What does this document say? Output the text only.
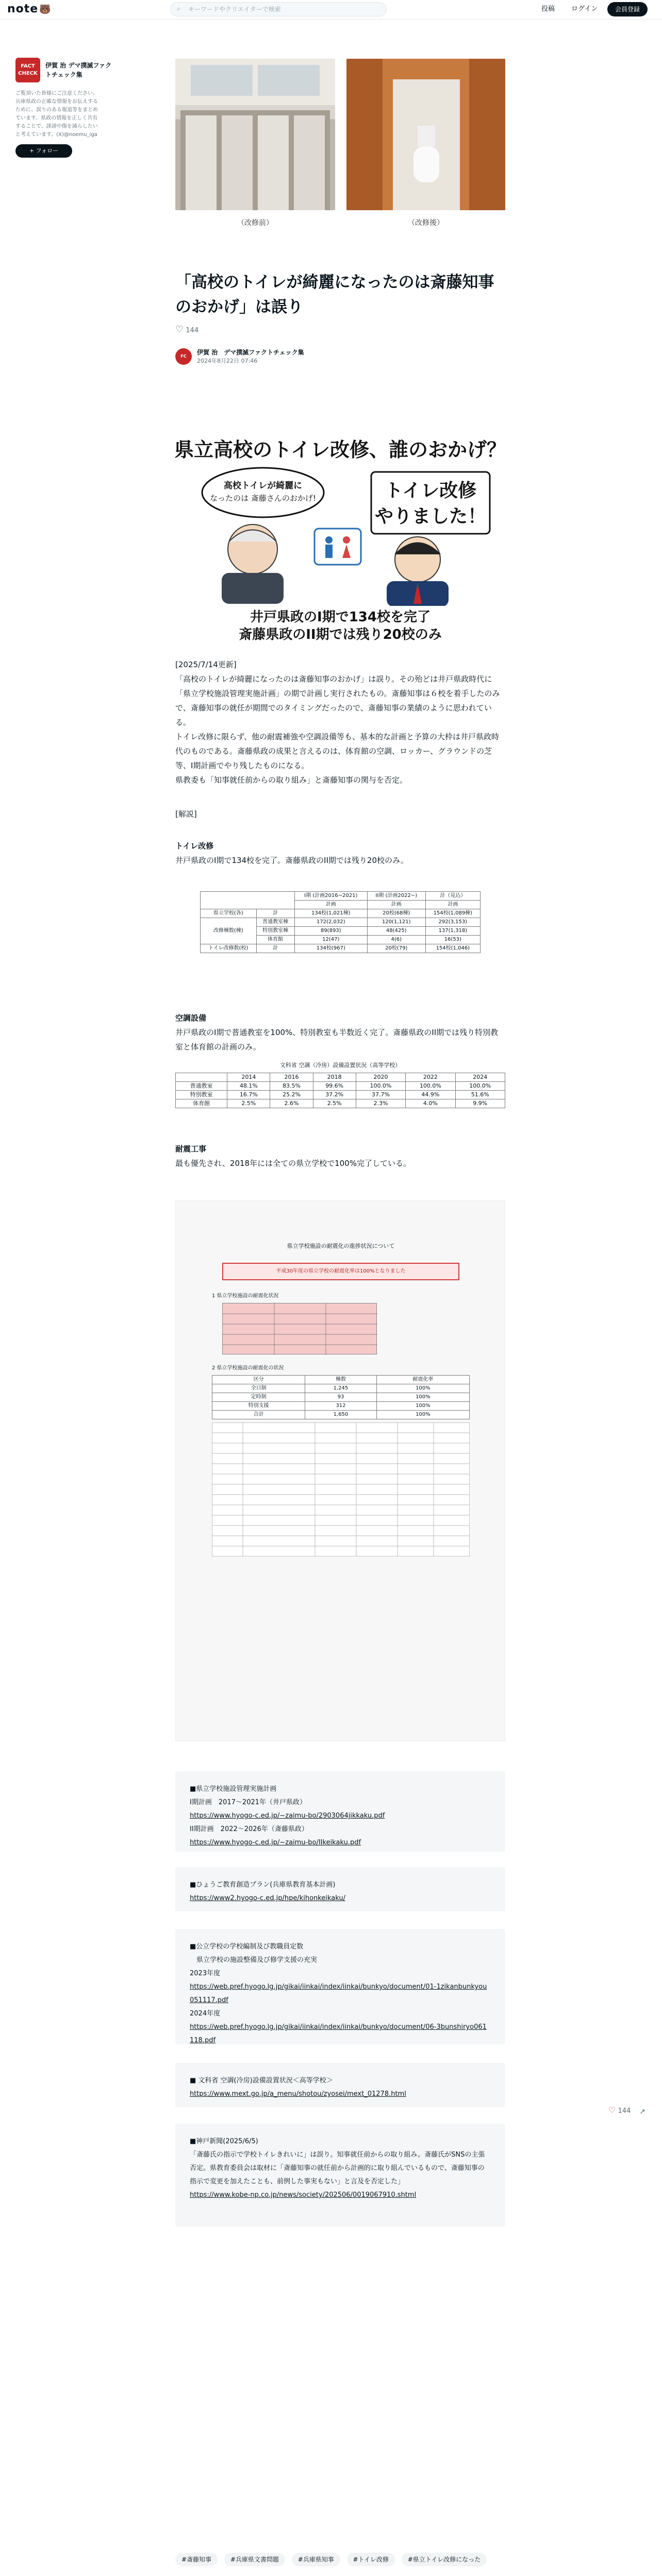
note 🐻	⌕ キーワードやクリエイターで検索	投稿 ログイン	会員登録
FACT CHECK
伊賀 治 デマ撲滅ファクトチェック集
ご覧頂いた皆様にご注意ください。兵庫県政の正確な情報をお伝えするために、誤りのある報道等をまとめています。県政の情報を正しく共有することで、誹謗中傷を減らしたいと考えています。(X)@noemu_iga
+ フォロー
（改修前）	（改修後）
「高校のトイレが綺麗になったのは斎藤知事のおかげ」は誤り
♡ 144
FC
伊賀 治　デマ撲滅ファクトチェック集
2024年8月22日 07:46
県立高校のトイレ改修、誰のおかげ？
高校トイレが綺麗に
なったのは 斎藤さんのおかげ!	トイレ改修
やりました！
井戸県政のI期で134校を完了
斎藤県政のII期では残り20校のみ
[2025/7/14更新]
「高校のトイレが綺麗になったのは斎藤知事のおかげ」は誤り。その殆どは井戸県政時代に「県立学校施設管理実施計画」の期で計画し実行されたもの。斎藤知事は６校を着手したのみで、斎藤知事の就任が期間でのタイミングだったので、斎藤知事の業績のように思われている。
トイレ改修に限らず、他の耐震補強や空調設備等も、基本的な計画と予算の大枠は井戸県政時代のものである。斎藤県政の成果と言えるのは、体育館の空調、ロッカー、グラウンドの芝等、I期計画でやり残したものになる。
県教委も「知事就任前からの取り組み」と斎藤知事の関与を否定。
[解説]
トイレ改修
井戸県政のI期で134校を完了。斎藤県政のII期では残り20校のみ。
		I期 (計画2016~2021)	II期 (計画2022~)	計（見込）
		計画	計画	計画
県立学校(各)	計	134校(1,021棟)	20校(68棟)	154校(1,089棟)
改修棟数(棟)	普通教室棟	172(2,032)	120(1,121)	292(3,153)
	特別教室棟	89(893)	48(425)	137(1,318)
	体育館	12(47)	4(6)	16(53)
トイレ改修数(校)	計	134校(967)	20校(79)	154校(1,046)
空調設備
井戸県政のI期で普通教室を100%、特別教室も半数近く完了。斎藤県政のII期では残り特別教室と体育館の計画のみ。
文科省 空調（冷房）設備設置状況（高等学校）
	2014	2016	2018	2020	2022	2024
普通教室	48.1%	83.5%	99.6%	100.0%	100.0%	100.0%
特別教室	16.7%	25.2%	37.2%	37.7%	44.9%	51.6%
体育館	2.5%	2.6%	2.5%	2.3%	4.0%	9.9%
耐震工事
最も優先され、2018年には全ての県立学校で100%完了している。
県立学校施設の耐震化の進捗状況について
平成30年度の県立学校の耐震化率は100%となりました
1 県立学校施設の耐震化状況
2 県立学校施設の耐震化の状況
区分	棟数	耐震化率
全日制	1,245	100%
定時制	93	100%
特別支援	312	100%
合計	1,650	100%
■県立学校施設管理実施計画
I期計画　2017～2021年（井戸県政）
https://www.hyogo-c.ed.jp/~zaimu-bo/2903064jikkaku.pdf
II期計画　2022～2026年（斎藤県政）
https://www.hyogo-c.ed.jp/~zaimu-bo/IIkeikaku.pdf
■ひょうご教育創造プラン(兵庫県教育基本計画)
https://www2.hyogo-c.ed.jp/hpe/kihonkeikaku/
■公立学校の学校編制及び教職員定数
　県立学校の施設整備及び修学支援の充実
2023年度
https://web.pref.hyogo.lg.jp/gikai/iinkai/index/iinkai/bunkyo/document/01-1zikanbunkyou051117.pdf
2024年度
https://web.pref.hyogo.lg.jp/gikai/iinkai/index/iinkai/bunkyo/document/06-3bunshiryo061118.pdf
■ 文科省 空調(冷房)設備設置状況＜高等学校＞
https://www.mext.go.jp/a_menu/shotou/zyosei/mext_01278.html
■神戸新聞(2025/6/5)
「斎藤氏の指示で学校トイレきれいに」は誤り。知事就任前からの取り組み。斎藤氏がSNSの主張否定。県教育委員会は取材に「斎藤知事の就任前から計画的に取り組んでいるもので、斎藤知事の指示で変更を加えたことも、前例した事実もない」と言及を否定した」
https://www.kobe-np.co.jp/news/society/202506/0019067910.shtml
#斎藤知事	#兵庫県文書問題	#兵庫県知事	#トイレ改修	#県立トイレ改修になった
♡ 144 ↗
